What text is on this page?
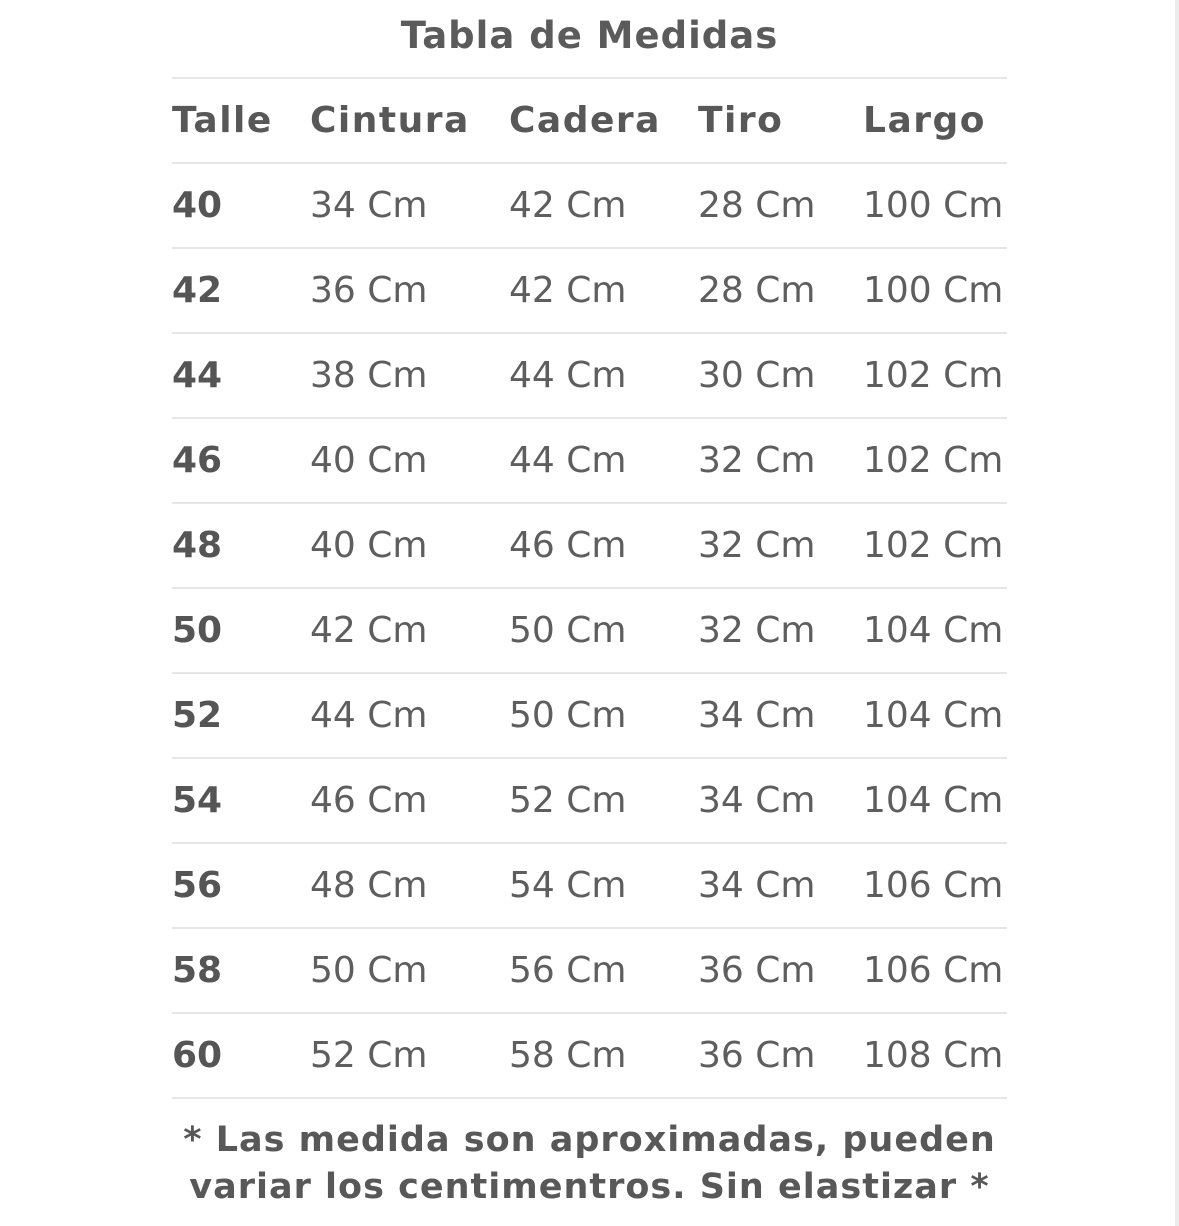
Tabla de Medidas
Talle Cintura Cadera Tiro Largo
40 34 Cm 42 Cm 28 Cm 100 Cm
42 36 Cm 42 Cm 28 Cm 100 Cm
44 38 Cm 44 Cm 30 Cm 102 Cm
46 40 Cm 44 Cm 32 Cm 102 Cm
48 40 Cm 46 Cm 32 Cm 102 Cm
50 42 Cm 50 Cm 32 Cm 104 Cm
52 44 Cm 50 Cm 34 Cm 104 Cm
54 46 Cm 52 Cm 34 Cm 104 Cm
56 48 Cm 54 Cm 34 Cm 106 Cm
58 50 Cm 56 Cm 36 Cm 106 Cm
60 52 Cm 58 Cm 36 Cm 108 Cm
* Las medida son aproximadas, pueden
variar los centimentros. Sin elastizar *
